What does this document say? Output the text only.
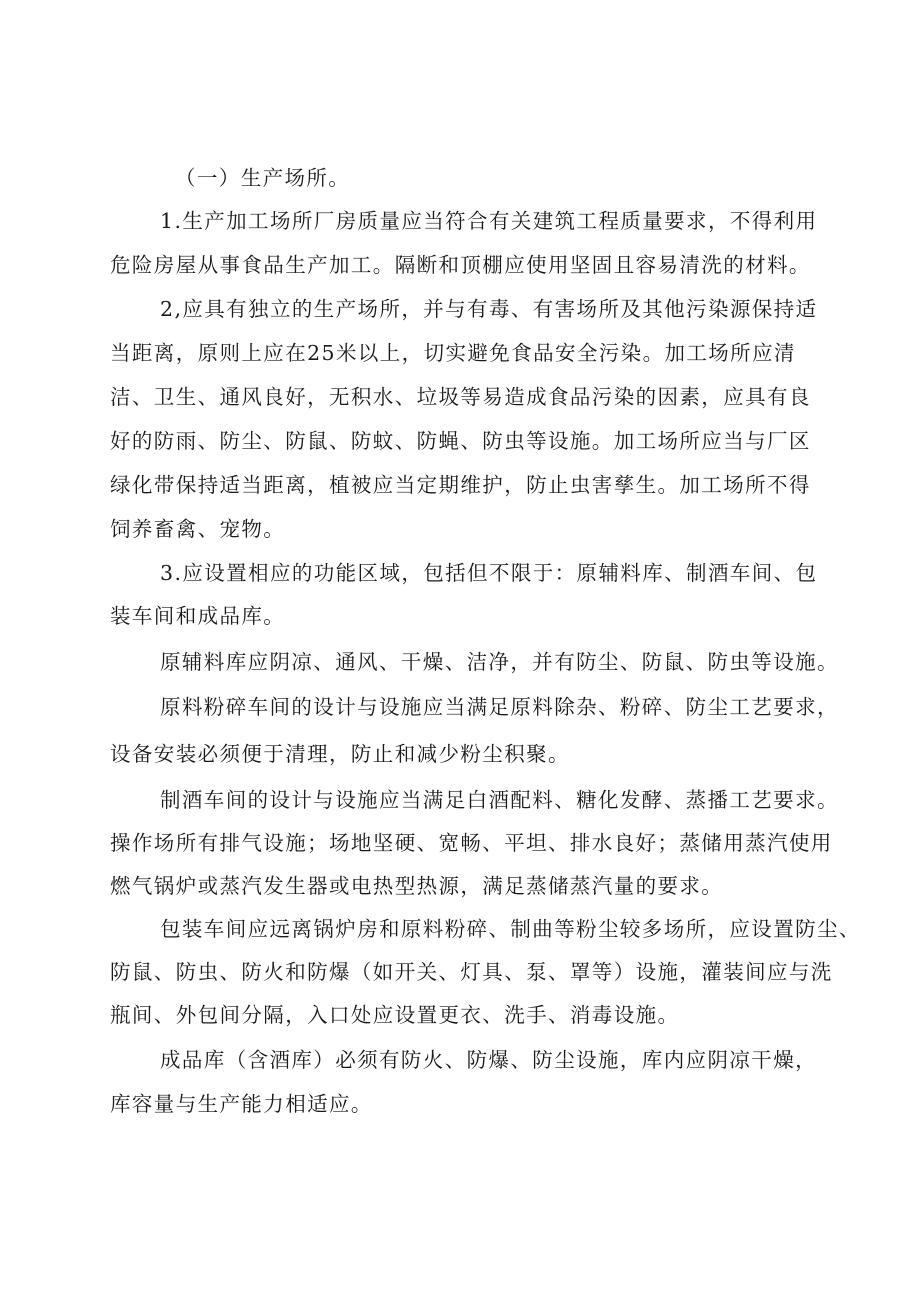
（一）生产场所。
1.生产加工场所厂房质量应当符合有关建筑工程质量要求，不得利用
危险房屋从事食品生产加工。隔断和顶棚应使用坚固且容易清洗的材料。
2,应具有独立的生产场所，并与有毒、有害场所及其他污染源保持适
当距离，原则上应在25米以上，切实避免食品安全污染。加工场所应清
洁、卫生、通风良好，无积水、垃圾等易造成食品污染的因素，应具有良
好的防雨、防尘、防鼠、防蚊、防蝇、防虫等设施。加工场所应当与厂区
绿化带保持适当距离，植被应当定期维护，防止虫害孳生。加工场所不得
饲养畜禽、宠物。
3.应设置相应的功能区域，包括但不限于：原辅料库、制酒车间、包
装车间和成品库。
原辅料库应阴凉、通风、干燥、洁净，并有防尘、防鼠、防虫等设施。
原料粉碎车间的设计与设施应当满足原料除杂、粉碎、防尘工艺要求，
设备安装必须便于清理，防止和减少粉尘积聚。
制酒车间的设计与设施应当满足白酒配料、糖化发酵、蒸播工艺要求。
操作场所有排气设施；场地坚硬、宽畅、平坦、排水良好；蒸储用蒸汽使用
燃气锅炉或蒸汽发生器或电热型热源，满足蒸储蒸汽量的要求。
包装车间应远离锅炉房和原料粉碎、制曲等粉尘较多场所，应设置防尘、
防鼠、防虫、防火和防爆（如开关、灯具、泵、罩等）设施，灌装间应与洗
瓶间、外包间分隔，入口处应设置更衣、洗手、消毒设施。
成品库（含酒库）必须有防火、防爆、防尘设施，库内应阴凉干燥，
库容量与生产能力相适应。
